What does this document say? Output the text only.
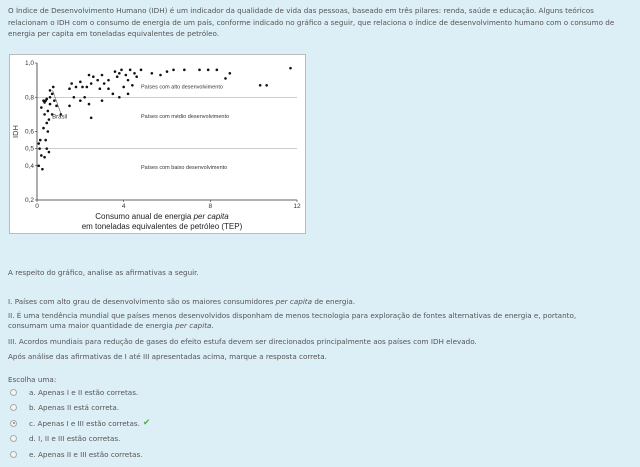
O Índice de Desenvolvimento Humano (IDH) é um indicador da qualidade de vida das pessoas, baseado em três pilares: renda, saúde e educação. Alguns teóricos relacionam o IDH com o consumo de energia de um país, conforme indicado no gráfico a seguir, que relaciona o índice de desenvolvimento humano com o consumo de energia per capita em toneladas equivalentes de petróleo.
0,2
0,4
0,5
0,6
0,8
1,0
0	4	8	12
IDH
Consumo anual de energia per capita
em toneladas equivalentes de petróleo (TEP)
Países com alto desenvolvimento
Países com médio desenvolvimento
Países com baixo desenvolvimento
Brasil
A respeito do gráfico, analise as afirmativas a seguir.
I. Países com alto grau de desenvolvimento são os maiores consumidores per capita de energia.
II. É uma tendência mundial que países menos desenvolvidos disponham de menos tecnologia para exploração de fontes alternativas de energia e, portanto,
consumam uma maior quantidade de energia per capita.
III. Acordos mundiais para redução de gases do efeito estufa devem ser direcionados principalmente aos países com IDH elevado.
Após análise das afirmativas de I até III apresentadas acima, marque a resposta correta.
Escolha uma:
a. Apenas I e II estão corretas.
b. Apenas II está correta.
c. Apenas I e III estão corretas. ✔
d. I, II e III estão corretas.
e. Apenas II e III estão corretas.
